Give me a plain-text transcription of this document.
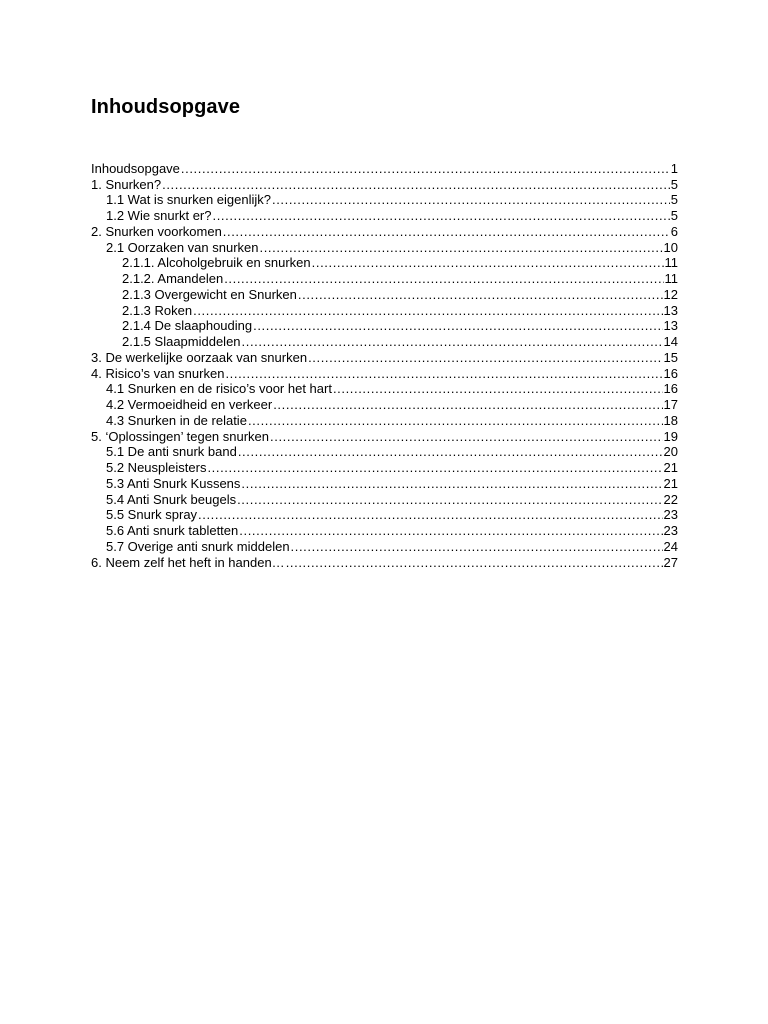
Inhoudsopgave
Inhoudsopgave .....	1
1. Snurken? .....	5
1.1 Wat is snurken eigenlijk? .....	5
1.2 Wie snurkt er? .....	5
2. Snurken voorkomen .....	6
2.1 Oorzaken van snurken .....	10
2.1.1. Alcoholgebruik en snurken .....	11
2.1.2. Amandelen .....	11
2.1.3 Overgewicht en Snurken .....	12
2.1.3 Roken .....	13
2.1.4 De slaaphouding .....	13
2.1.5 Slaapmiddelen .....	14
3. De werkelijke oorzaak van snurken .....	15
4. Risico’s van snurken .....	16
4.1 Snurken en de risico’s voor het hart .....	16
4.2 Vermoeidheid en verkeer .....	17
4.3 Snurken in de relatie .....	18
5. ‘Oplossingen’ tegen snurken .....	19
5.1 De anti snurk band .....	20
5.2 Neuspleisters .....	21
5.3 Anti Snurk Kussens .....	21
5.4 Anti Snurk beugels .....	22
5.5 Snurk spray .....	23
5.6 Anti snurk tabletten .....	23
5.7 Overige anti snurk middelen .....	24
6. Neem zelf het heft in handen… .....	27
